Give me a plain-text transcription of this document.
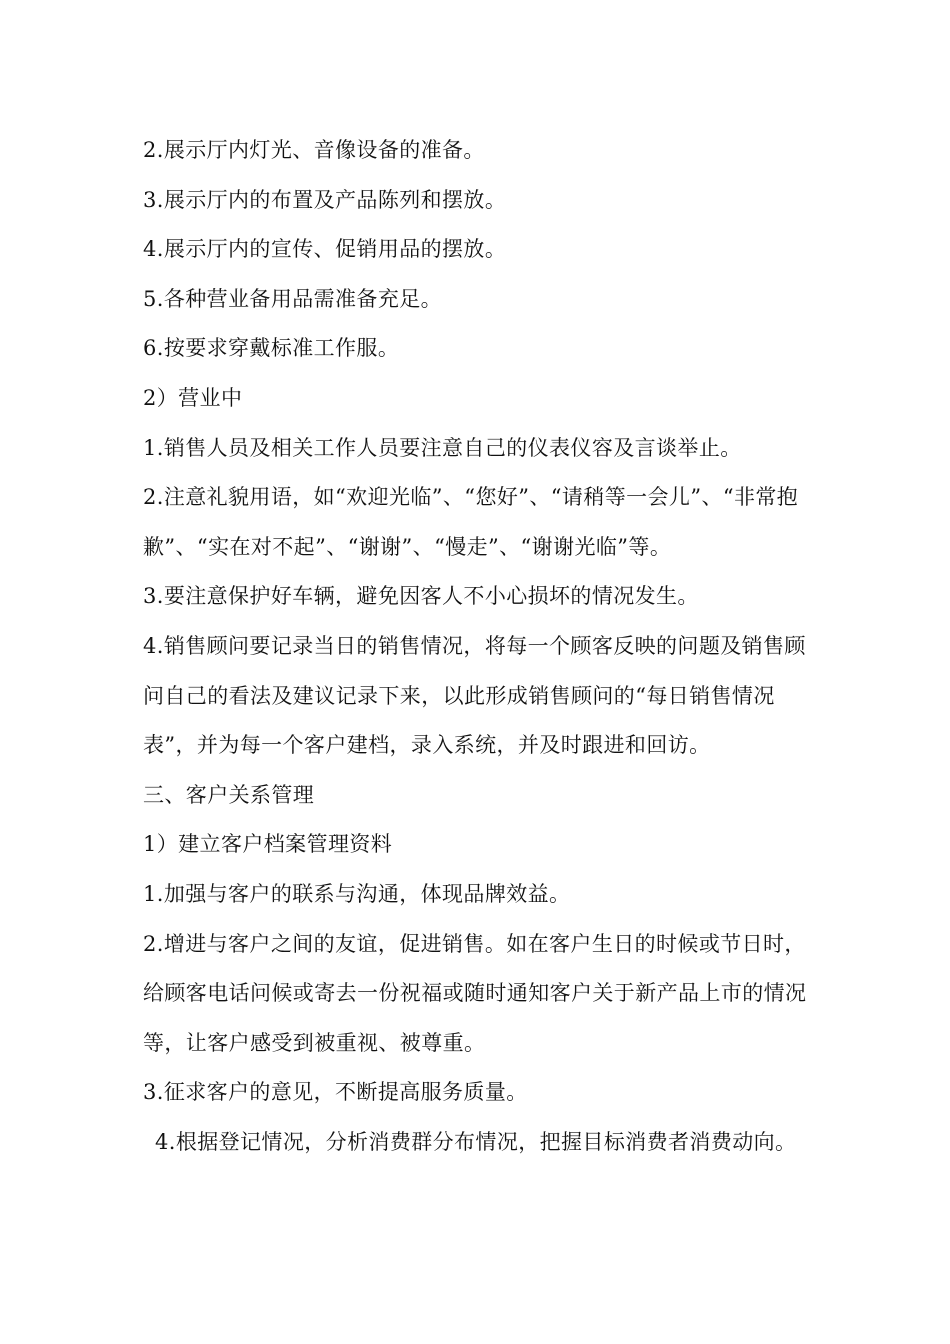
2.展示厅内灯光、音像设备的准备。

3.展示厅内的布置及产品陈列和摆放。

4.展示厅内的宣传、促销用品的摆放。

5.各种营业备用品需准备充足。

6.按要求穿戴标准工作服。

2）营业中

1.销售人员及相关工作人员要注意自己的仪表仪容及言谈举止。

2.注意礼貌用语，如“欢迎光临”、“您好”、“请稍等一会儿”、“非常抱歉”、“实在对不起”、“谢谢”、“慢走”、“谢谢光临”等。

3.要注意保护好车辆，避免因客人不小心损坏的情况发生。

4.销售顾问要记录当日的销售情况，将每一个顾客反映的问题及销售顾问自己的看法及建议记录下来，以此形成销售顾问的“每日销售情况表”，并为每一个客户建档，录入系统，并及时跟进和回访。

三、客户关系管理

1）建立客户档案管理资料

1.加强与客户的联系与沟通，体现品牌效益。

2.增进与客户之间的友谊，促进销售。如在客户生日的时候或节日时，给顾客电话问候或寄去一份祝福或随时通知客户关于新产品上市的情况等，让客户感受到被重视、被尊重。

3.征求客户的意见，不断提高服务质量。

4.根据登记情况，分析消费群分布情况，把握目标消费者消费动向。
